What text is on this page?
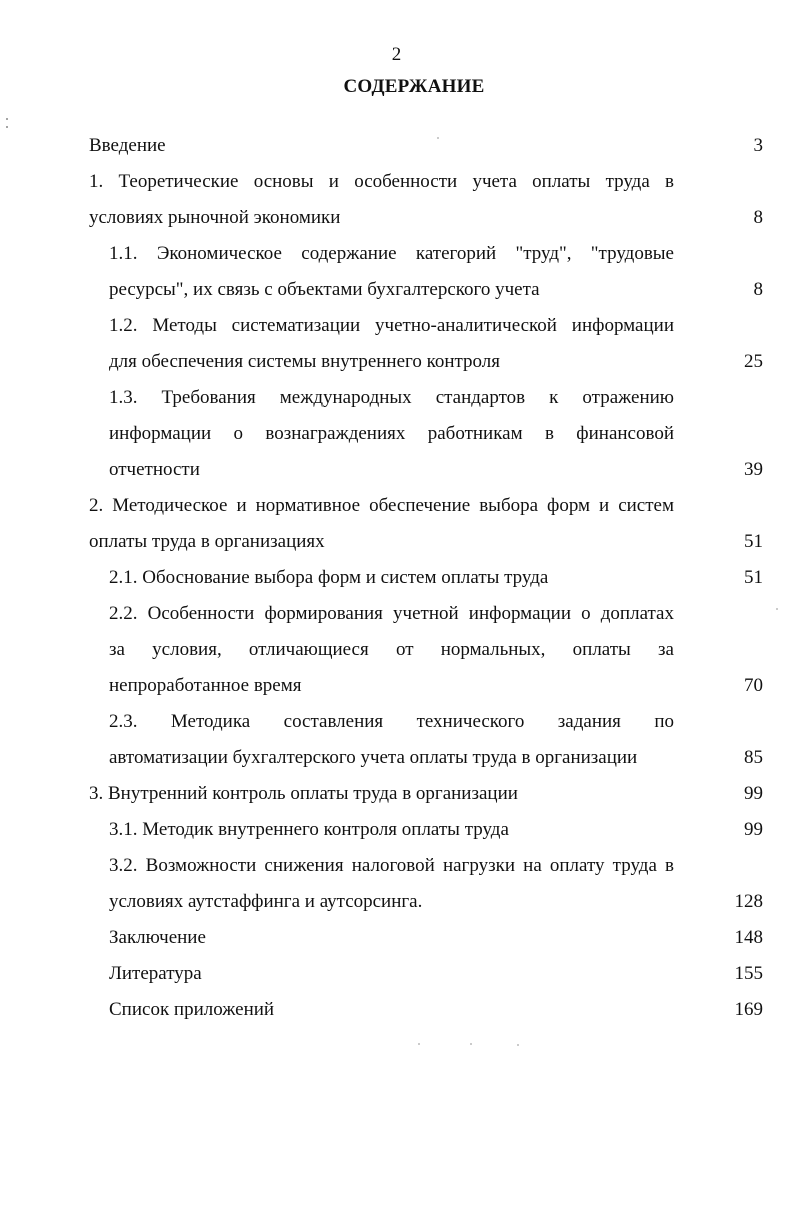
2
СОДЕРЖАНИЕ
Введение	3
1. Теоретические основы и особенности учета оплаты труда в
условиях рыночной экономики	8
1.1. Экономическое содержание категорий "труд", "трудовые
ресурсы", их связь с объектами бухгалтерского учета	8
1.2. Методы систематизации учетно-аналитической информации
для обеспечения системы внутреннего контроля	25
1.3. Требования международных стандартов к отражению
информации о вознаграждениях работникам в финансовой
отчетности	39
2. Методическое и нормативное обеспечение выбора форм и систем
оплаты труда в организациях	51
2.1. Обоснование выбора форм и систем оплаты труда	51
2.2. Особенности формирования учетной информации о доплатах
за условия, отличающиеся от нормальных, оплаты за
непроработанное время	70
2.3. Методика составления технического задания по
автоматизации бухгалтерского учета оплаты труда в организации	85
3. Внутренний контроль оплаты труда в организации	99
3.1. Методик внутреннего контроля оплаты труда	99
3.2. Возможности снижения налоговой нагрузки на оплату труда в
условиях аутстаффинга и аутсорсинга.	128
Заключение	148
Литература	155
Список приложений	169
